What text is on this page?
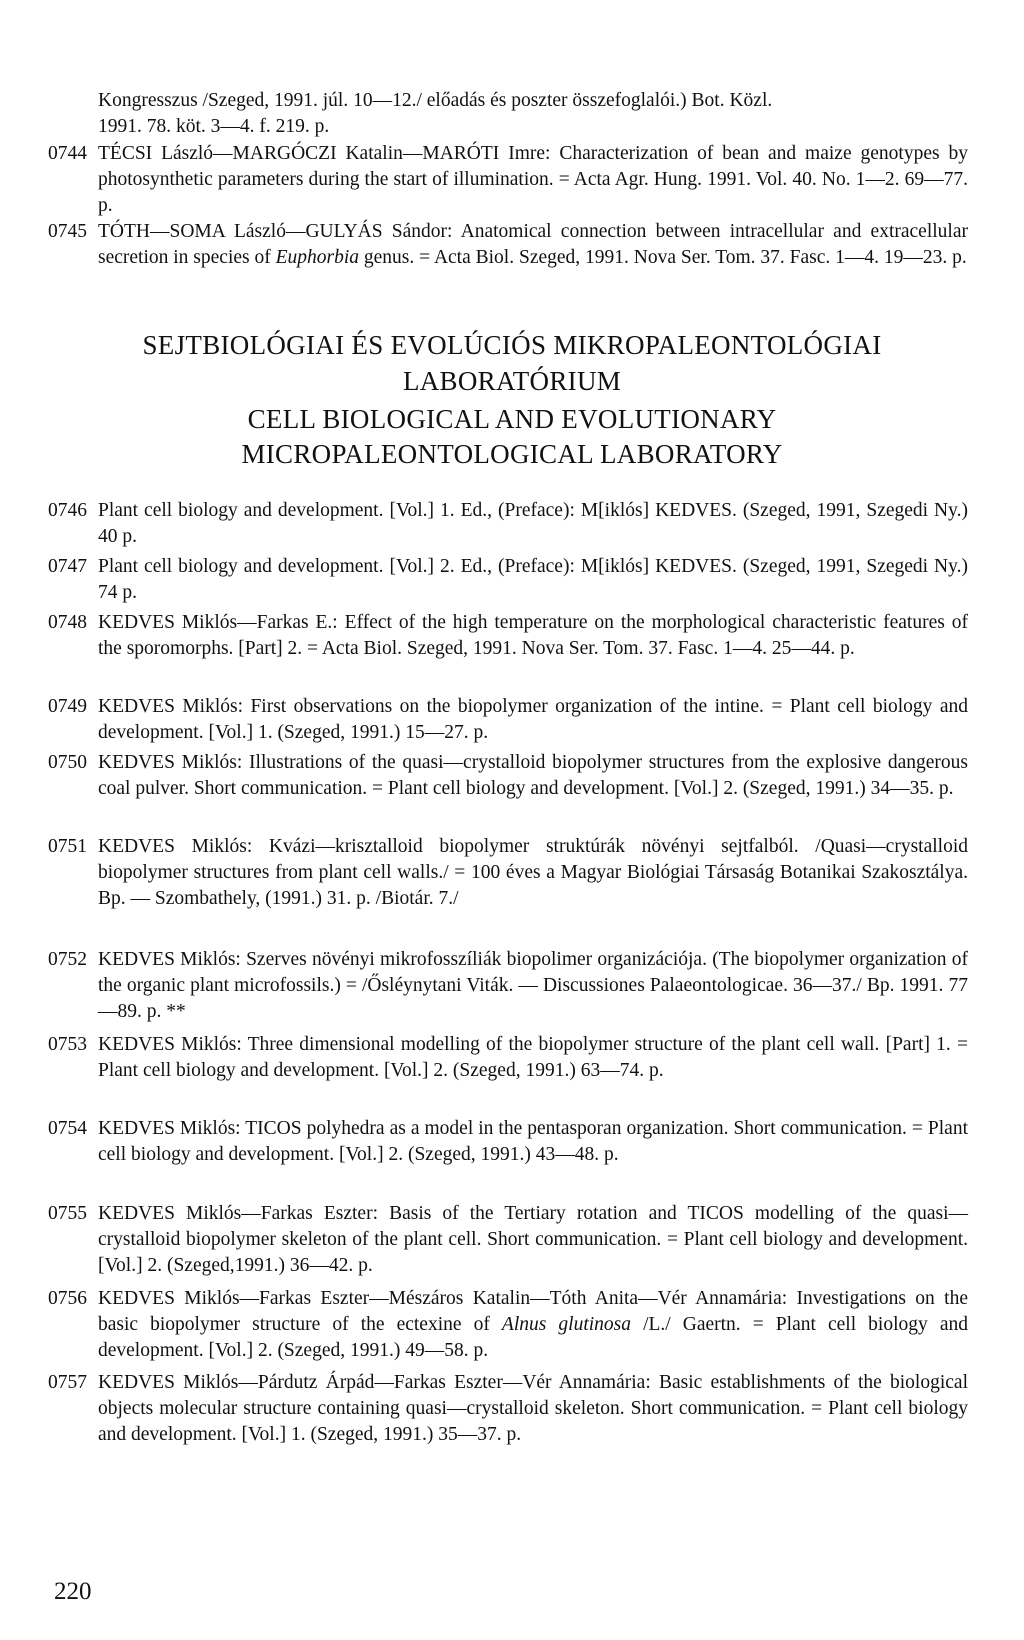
Kongresszus /Szeged, 1991. júl. 10—12./ előadás és poszter összefoglalói.) Bot. Közl.
1991. 78. köt. 3—4. f. 219. p.
0744 TÉCSI László—MARGÓCZI Katalin—MARÓTI Imre: Characterization of bean and maize genotypes by photosynthetic parameters during the start of illumination. = Acta Agr. Hung. 1991. Vol. 40. No. 1—2. 69—77. p.
0745 TÓTH—SOMA László—GULYÁS Sándor: Anatomical connection between intracellular and extracellular secretion in species of Euphorbia genus. = Acta Biol. Szeged, 1991. Nova Ser. Tom. 37. Fasc. 1—4. 19—23. p.
SEJTBIOLÓGIAI ÉS EVOLÚCIÓS MIKROPALEONTOLÓGIAI
LABORATÓRIUM
CELL BIOLOGICAL AND EVOLUTIONARY
MICROPALEONTOLOGICAL LABORATORY
0746 Plant cell biology and development. [Vol.] 1. Ed., (Preface): M[iklós] KEDVES. (Szeged, 1991, Szegedi Ny.) 40 p.
0747 Plant cell biology and development. [Vol.] 2. Ed., (Preface): M[iklós] KEDVES. (Szeged, 1991, Szegedi Ny.) 74 p.
0748 KEDVES Miklós—Farkas E.: Effect of the high temperature on the morphological characteristic features of the sporomorphs. [Part] 2. = Acta Biol. Szeged, 1991. Nova Ser. Tom. 37. Fasc. 1—4. 25—44. p.
0749 KEDVES Miklós: First observations on the biopolymer organization of the intine. = Plant cell biology and development. [Vol.] 1. (Szeged, 1991.) 15—27. p.
0750 KEDVES Miklós: Illustrations of the quasi—crystalloid biopolymer structures from the explosive dangerous coal pulver. Short communication. = Plant cell biology and development. [Vol.] 2. (Szeged, 1991.) 34—35. p.
0751 KEDVES Miklós: Kvázi—krisztalloid biopolymer struktúrák növényi sejtfalból. /Quasi—crystalloid biopolymer structures from plant cell walls./ = 100 éves a Magyar Biológiai Társaság Botanikai Szakosztálya. Bp. — Szombathely, (1991.) 31. p. /Biotár. 7./
0752 KEDVES Miklós: Szerves növényi mikrofosszíliák biopolimer organizációja. (The biopolymer organization of the organic plant microfossils.) = /Ősléynytani Viták. — Discussiones Palaeontologicae. 36—37./ Bp. 1991. 77—89. p. **
0753 KEDVES Miklós: Three dimensional modelling of the biopolymer structure of the plant cell wall. [Part] 1. = Plant cell biology and development. [Vol.] 2. (Szeged, 1991.) 63—74. p.
0754 KEDVES Miklós: TICOS polyhedra as a model in the pentasporan organization. Short communication. = Plant cell biology and development. [Vol.] 2. (Szeged, 1991.) 43—48. p.
0755 KEDVES Miklós—Farkas Eszter: Basis of the Tertiary rotation and TICOS modelling of the quasi—crystalloid biopolymer skeleton of the plant cell. Short communication. = Plant cell biology and development. [Vol.] 2. (Szeged,1991.) 36—42. p.
0756 KEDVES Miklós—Farkas Eszter—Mészáros Katalin—Tóth Anita—Vér Annamária: Investigations on the basic biopolymer structure of the ectexine of Alnus glutinosa /L./ Gaertn. = Plant cell biology and development. [Vol.] 2. (Szeged, 1991.) 49—58. p.
0757 KEDVES Miklós—Párdutz Árpád—Farkas Eszter—Vér Annamária: Basic establishments of the biological objects molecular structure containing quasi—crystalloid skeleton. Short communication. = Plant cell biology and development. [Vol.] 1. (Szeged, 1991.) 35—37. p.
220
